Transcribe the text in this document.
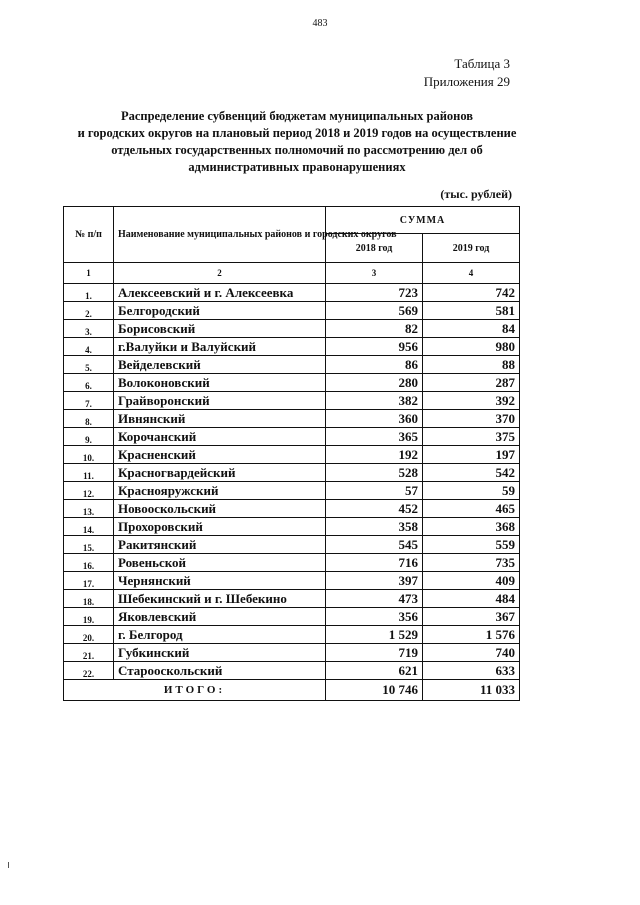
483
Таблица 3
Приложения 29
Распределение субвенций бюджетам муниципальных районов
и городских округов на плановый период 2018 и 2019 годов на осуществление
отдельных государственных полномочий по рассмотрению дел об
административных правонарушениях
(тыс. рублей)
№ п/п	Наименование муниципальных районов и городских округов	СУММА	
		2018 год	2019 год
1	2	3	4
1.	Алексеевский и г. Алексеевка	723	742
2.	Белгородский	569	581
3.	Борисовский	82	84
4.	г.Валуйки и Валуйский	956	980
5.	Вейделевский	86	88
6.	Волоконовский	280	287
7.	Грайворонский	382	392
8.	Ивнянский	360	370
9.	Корочанский	365	375
10.	Красненский	192	197
11.	Красногвардейский	528	542
12.	Краснояружский	57	59
13.	Новооскольский	452	465
14.	Прохоровский	358	368
15.	Ракитянский	545	559
16.	Ровеньской	716	735
17.	Чернянский	397	409
18.	Шебекинский и г. Шебекино	473	484
19.	Яковлевский	356	367
20.	г. Белгород	1 529	1 576
21.	Губкинский	719	740
22.	Старооскольский	621	633
ИТОГО:		10 746	11 033
